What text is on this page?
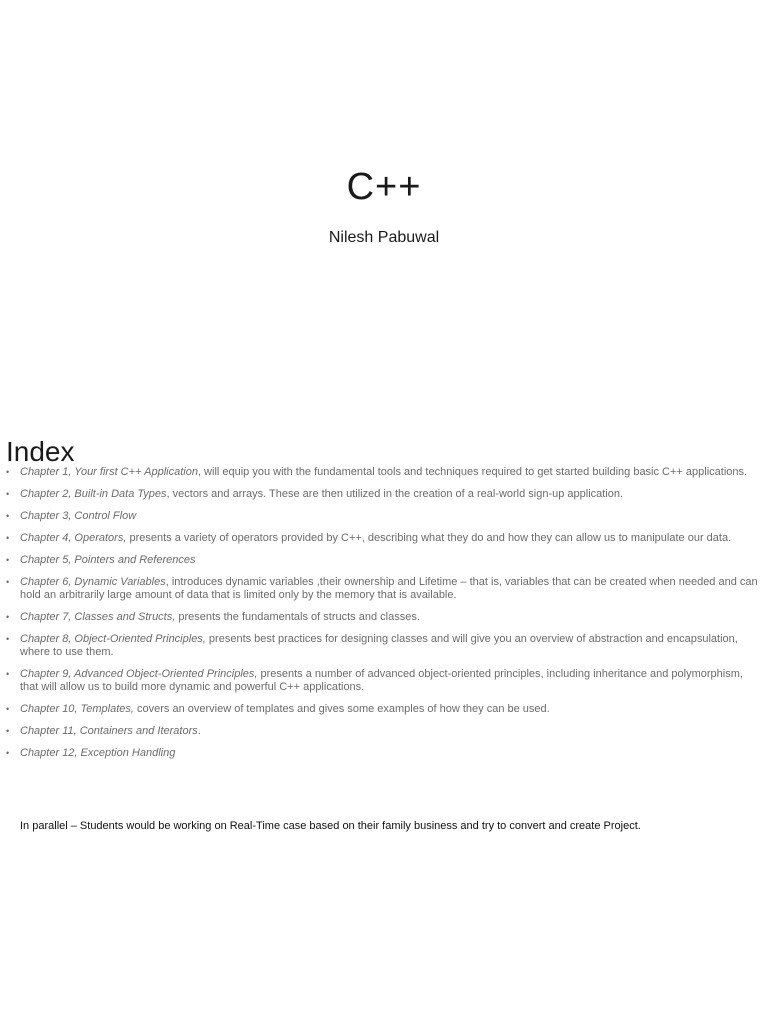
C++
Nilesh Pabuwal
Index
• Chapter 1, Your first C++ Application, will equip you with the fundamental tools and techniques required to get started building basic C++ applications.
• Chapter 2, Built-in Data Types, vectors and arrays. These are then utilized in the creation of a real-world sign-up application.
• Chapter 3, Control Flow
• Chapter 4, Operators, presents a variety of operators provided by C++, describing what they do and how they can allow us to manipulate our data.
• Chapter 5, Pointers and References
• Chapter 6, Dynamic Variables, introduces dynamic variables ,their ownership and Lifetime – that is, variables that can be created when needed and can hold an arbitrarily large amount of data that is limited only by the memory that is available.
• Chapter 7, Classes and Structs, presents the fundamentals of structs and classes.
• Chapter 8, Object-Oriented Principles, presents best practices for designing classes and will give you an overview of abstraction and encapsulation, where to use them.
• Chapter 9, Advanced Object-Oriented Principles, presents a number of advanced object-oriented principles, including inheritance and polymorphism, that will allow us to build more dynamic and powerful C++ applications.
• Chapter 10, Templates, covers an overview of templates and gives some examples of how they can be used.
• Chapter 11, Containers and Iterators.
• Chapter 12, Exception Handling
In parallel – Students would be working on Real-Time case based on their family business and try to convert and create Project.
